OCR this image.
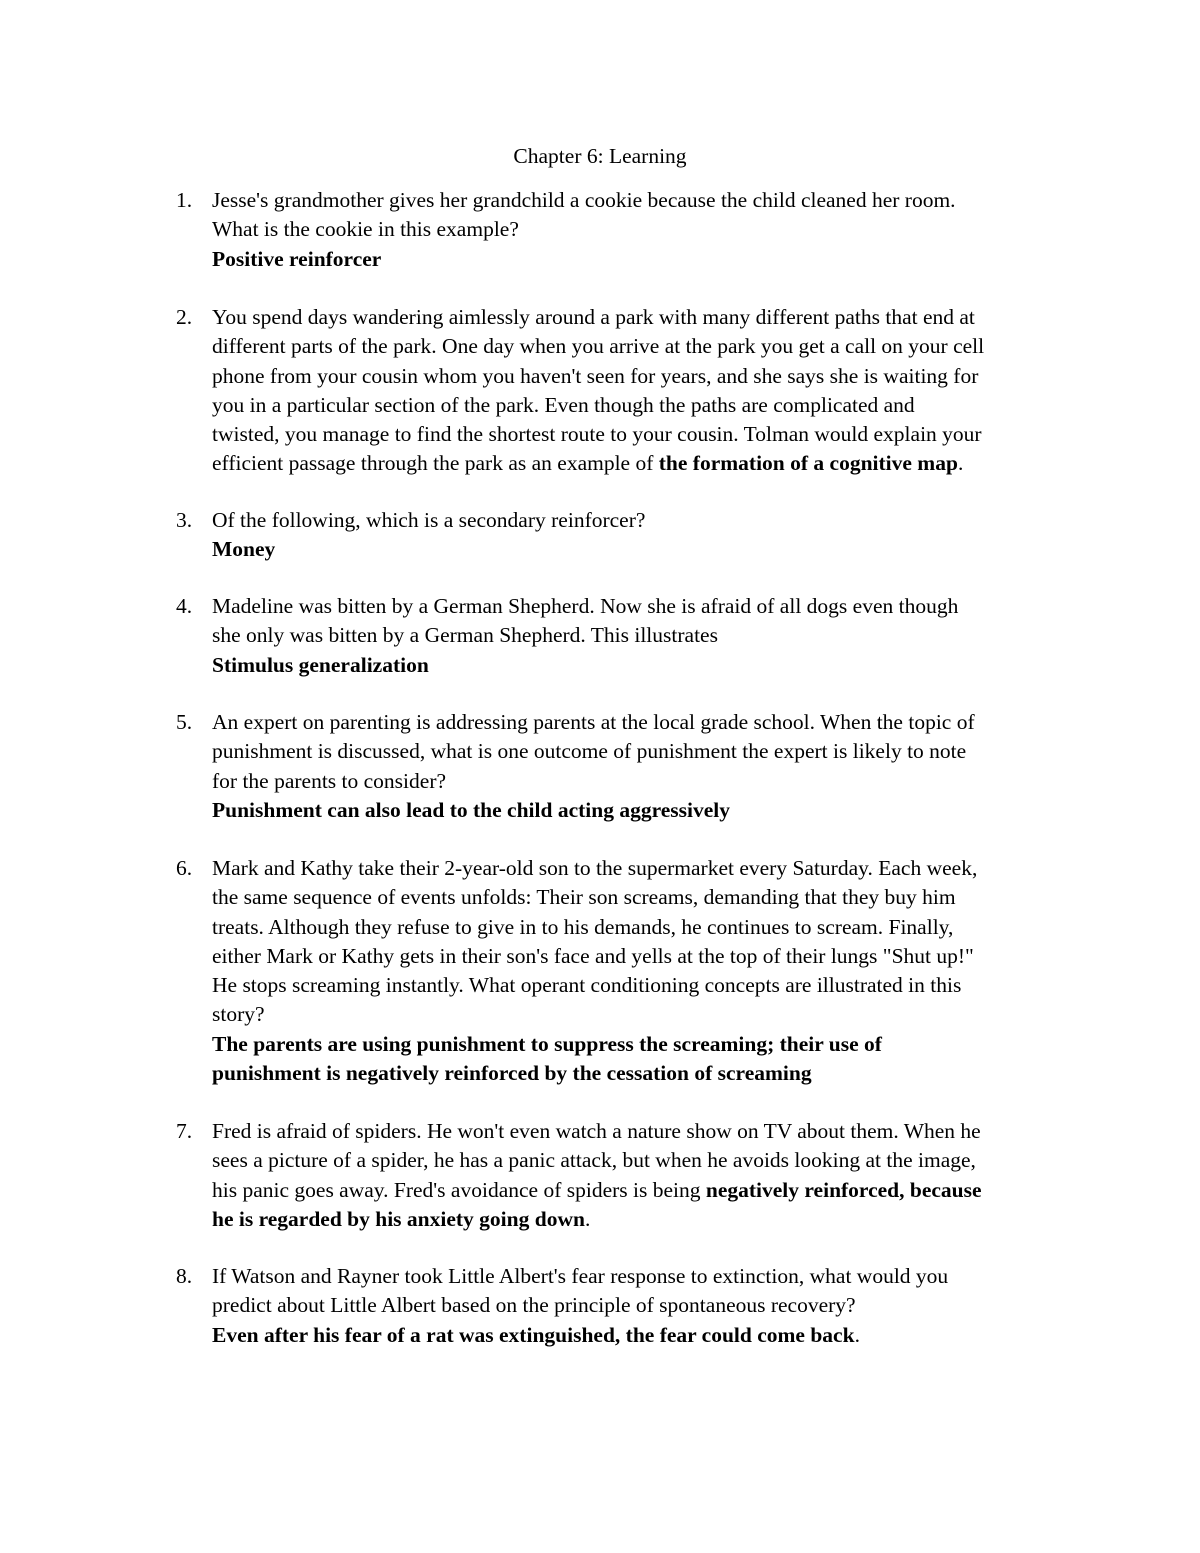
Chapter 6: Learning
1. Jesse's grandmother gives her grandchild a cookie because the child cleaned her room.

What is the cookie in this example?

Positive reinforcer

2. You spend days wandering aimlessly around a park with many different paths that end at

different parts of the park. One day when you arrive at the park you get a call on your cell

phone from your cousin whom you haven't seen for years, and she says she is waiting for

you in a particular section of the park. Even though the paths are complicated and

twisted, you manage to find the shortest route to your cousin. Tolman would explain your

efficient passage through the park as an example of the formation of a cognitive map.

3. Of the following, which is a secondary reinforcer?

Money

4. Madeline was bitten by a German Shepherd. Now she is afraid of all dogs even though

she only was bitten by a German Shepherd. This illustrates

Stimulus generalization

5. An expert on parenting is addressing parents at the local grade school. When the topic of

punishment is discussed, what is one outcome of punishment the expert is likely to note

for the parents to consider?

Punishment can also lead to the child acting aggressively

6. Mark and Kathy take their 2-year-old son to the supermarket every Saturday. Each week,

the same sequence of events unfolds: Their son screams, demanding that they buy him

treats. Although they refuse to give in to his demands, he continues to scream. Finally,

either Mark or Kathy gets in their son's face and yells at the top of their lungs "Shut up!"

He stops screaming instantly. What operant conditioning concepts are illustrated in this

story?

The parents are using punishment to suppress the screaming; their use of

punishment is negatively reinforced by the cessation of screaming

7. Fred is afraid of spiders. He won't even watch a nature show on TV about them. When he

sees a picture of a spider, he has a panic attack, but when he avoids looking at the image,

his panic goes away. Fred's avoidance of spiders is being negatively reinforced, because

he is regarded by his anxiety going down.

8. If Watson and Rayner took Little Albert's fear response to extinction, what would you

predict about Little Albert based on the principle of spontaneous recovery?

Even after his fear of a rat was extinguished, the fear could come back.
